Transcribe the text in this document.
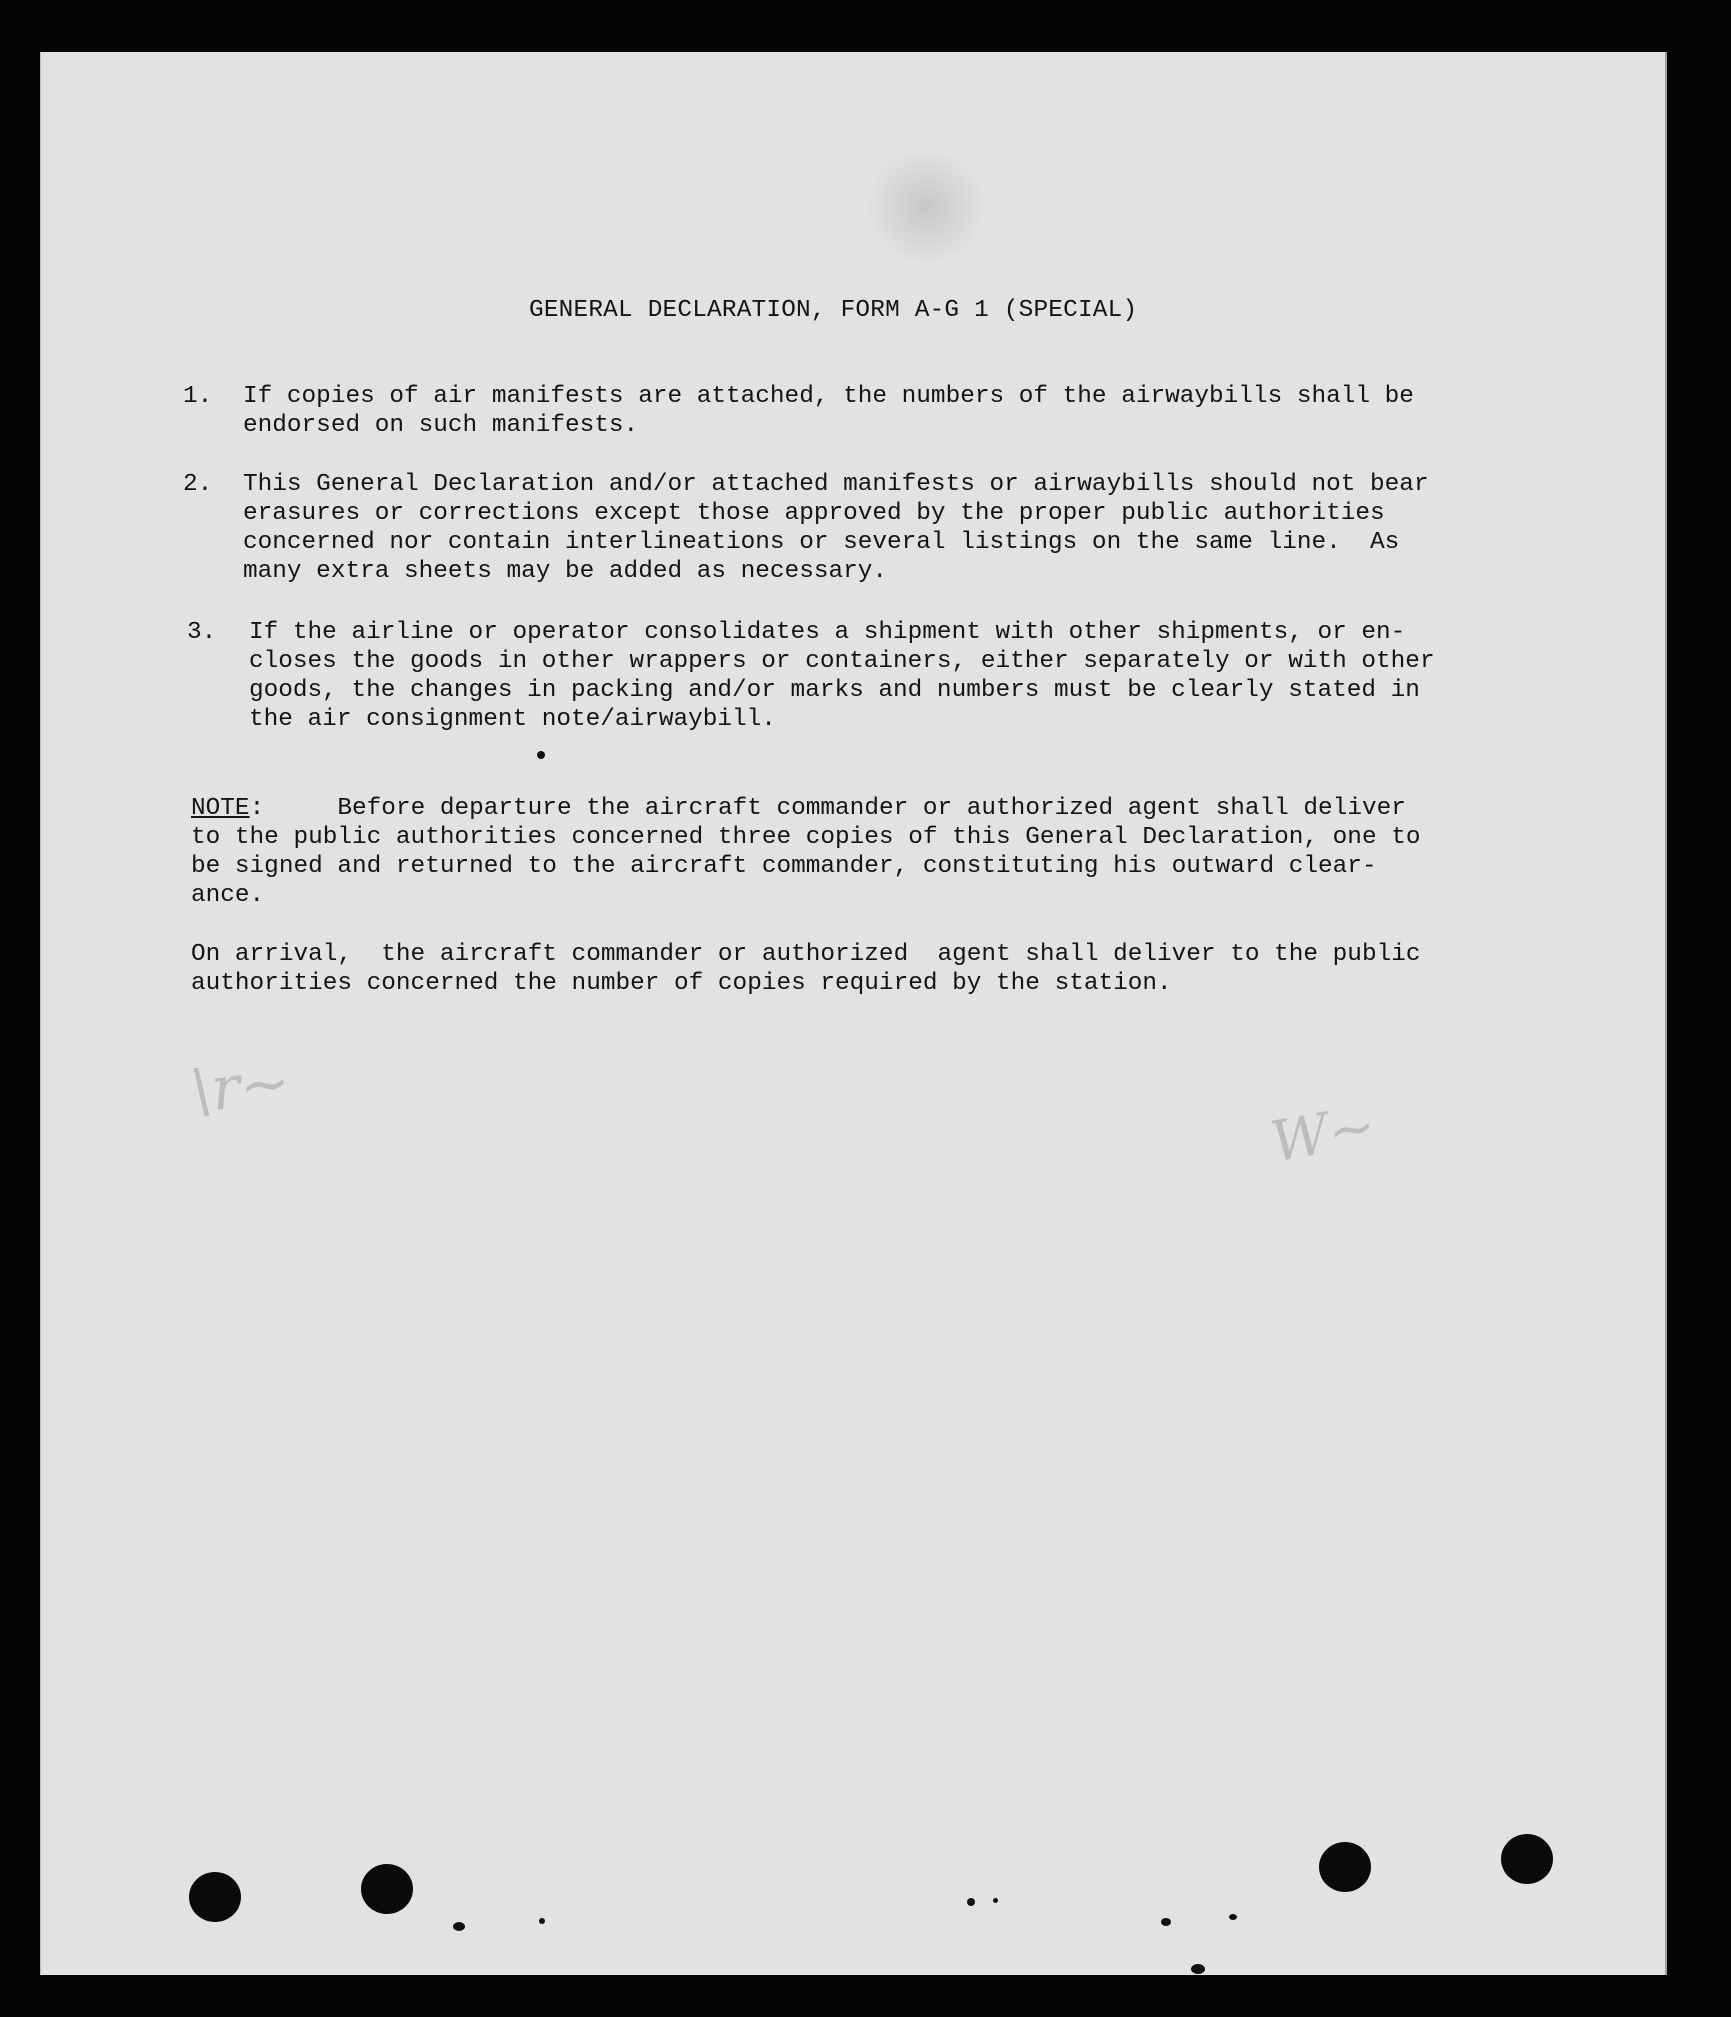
\r~
W~
GENERAL DECLARATION, FORM A-G 1 (SPECIAL)
1.	If copies of air manifests are attached, the numbers of the airwaybills shall be
endorsed on such manifests.
2.	This General Declaration and/or attached manifests or airwaybills should not bear
erasures or corrections except those approved by the proper public authorities
concerned nor contain interlineations or several listings on the same line.  As
many extra sheets may be added as necessary.
3.	If the airline or operator consolidates a shipment with other shipments, or en-
closes the goods in other wrappers or containers, either separately or with other
goods, the changes in packing and/or marks and numbers must be clearly stated in
the air consignment note/airwaybill.
NOTE:	Before departure the aircraft commander or authorized agent shall deliver
to the public authorities concerned three copies of this General Declaration, one to
be signed and returned to the aircraft commander, constituting his outward clear-
ance.
On arrival,  the aircraft commander or authorized  agent shall deliver to the public
authorities concerned the number of copies required by the station.
